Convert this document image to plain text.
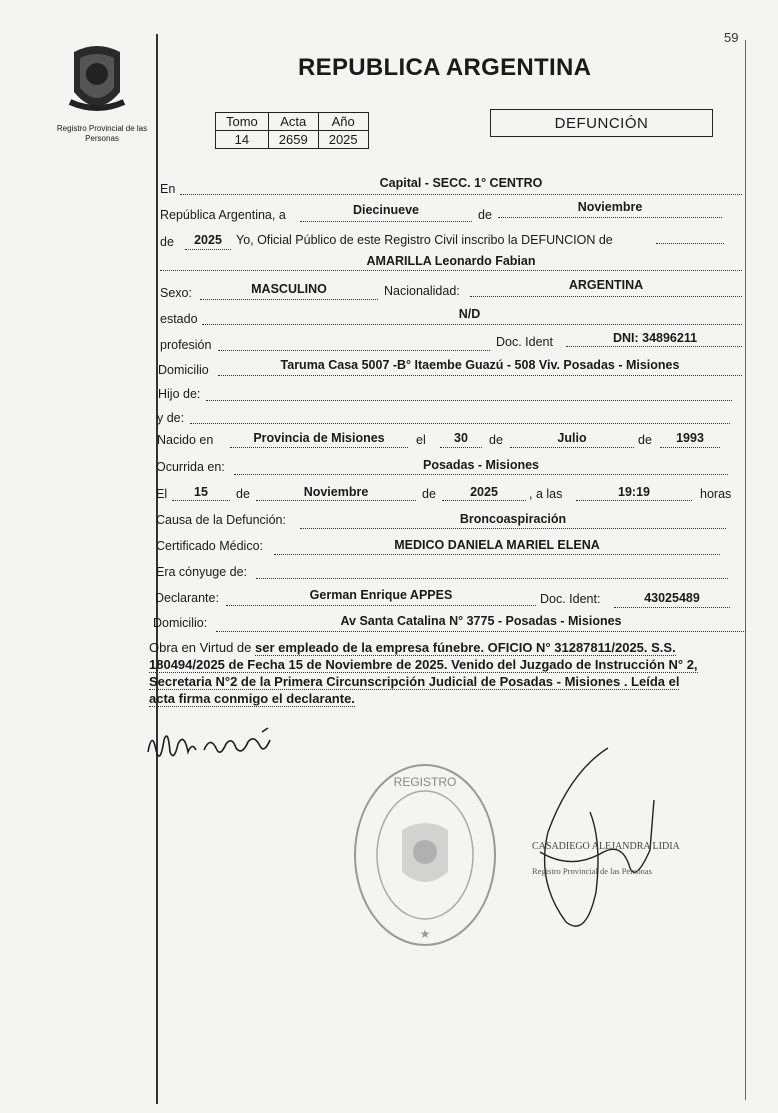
59
Registro Provincial de las Personas
REPUBLICA ARGENTINA
Tomo	Acta	Año
14	2659	2025
DEFUNCIÓN
En	Capital - SECC. 1° CENTRO
República Argentina, a	Diecinueve	de
Noviembre
de	2025	Yo, Oficial Público de este Registro Civil inscribo la DEFUNCION de
AMARILLA Leonardo Fabian
Sexo:	MASCULINO	Nacionalidad:	ARGENTINA
estado	N/D
profesión	Doc. Ident	DNI: 34896211
Domicilio	Taruma Casa 5007 -B° Itaembe Guazú - 508 Viv. Posadas - Misiones
Hijo de:
y de:
Nacido en	Provincia de Misiones	el	30	de	Julio	de	1993
Ocurrida en:	Posadas - Misiones
El	15	de	Noviembre	de	2025	, a las	19:19	horas
Causa de la Defunción:	Broncoaspiración
Certificado Médico:	MEDICO DANIELA MARIEL ELENA
Era cónyuge de:
Declarante:	German Enrique APPES	Doc. Ident:	43025489
Domicilio:	Av Santa Catalina N° 3775 - Posadas - Misiones

Obra en Virtud de ser empleado de la empresa fúnebre. OFICIO N° 31287811/2025. S.S.

180494/2025 de Fecha 15 de Noviembre de 2025. Venido del Juzgado de Instrucción N° 2,

Secretaria N°2 de la Primera Circunscripción Judicial de Posadas - Misiones . Leída el

acta firma conmigo el declarante.

REGISTRO
★
CASADIEGO ALEJANDRA LIDIA
Registro Provincial de las Personas
